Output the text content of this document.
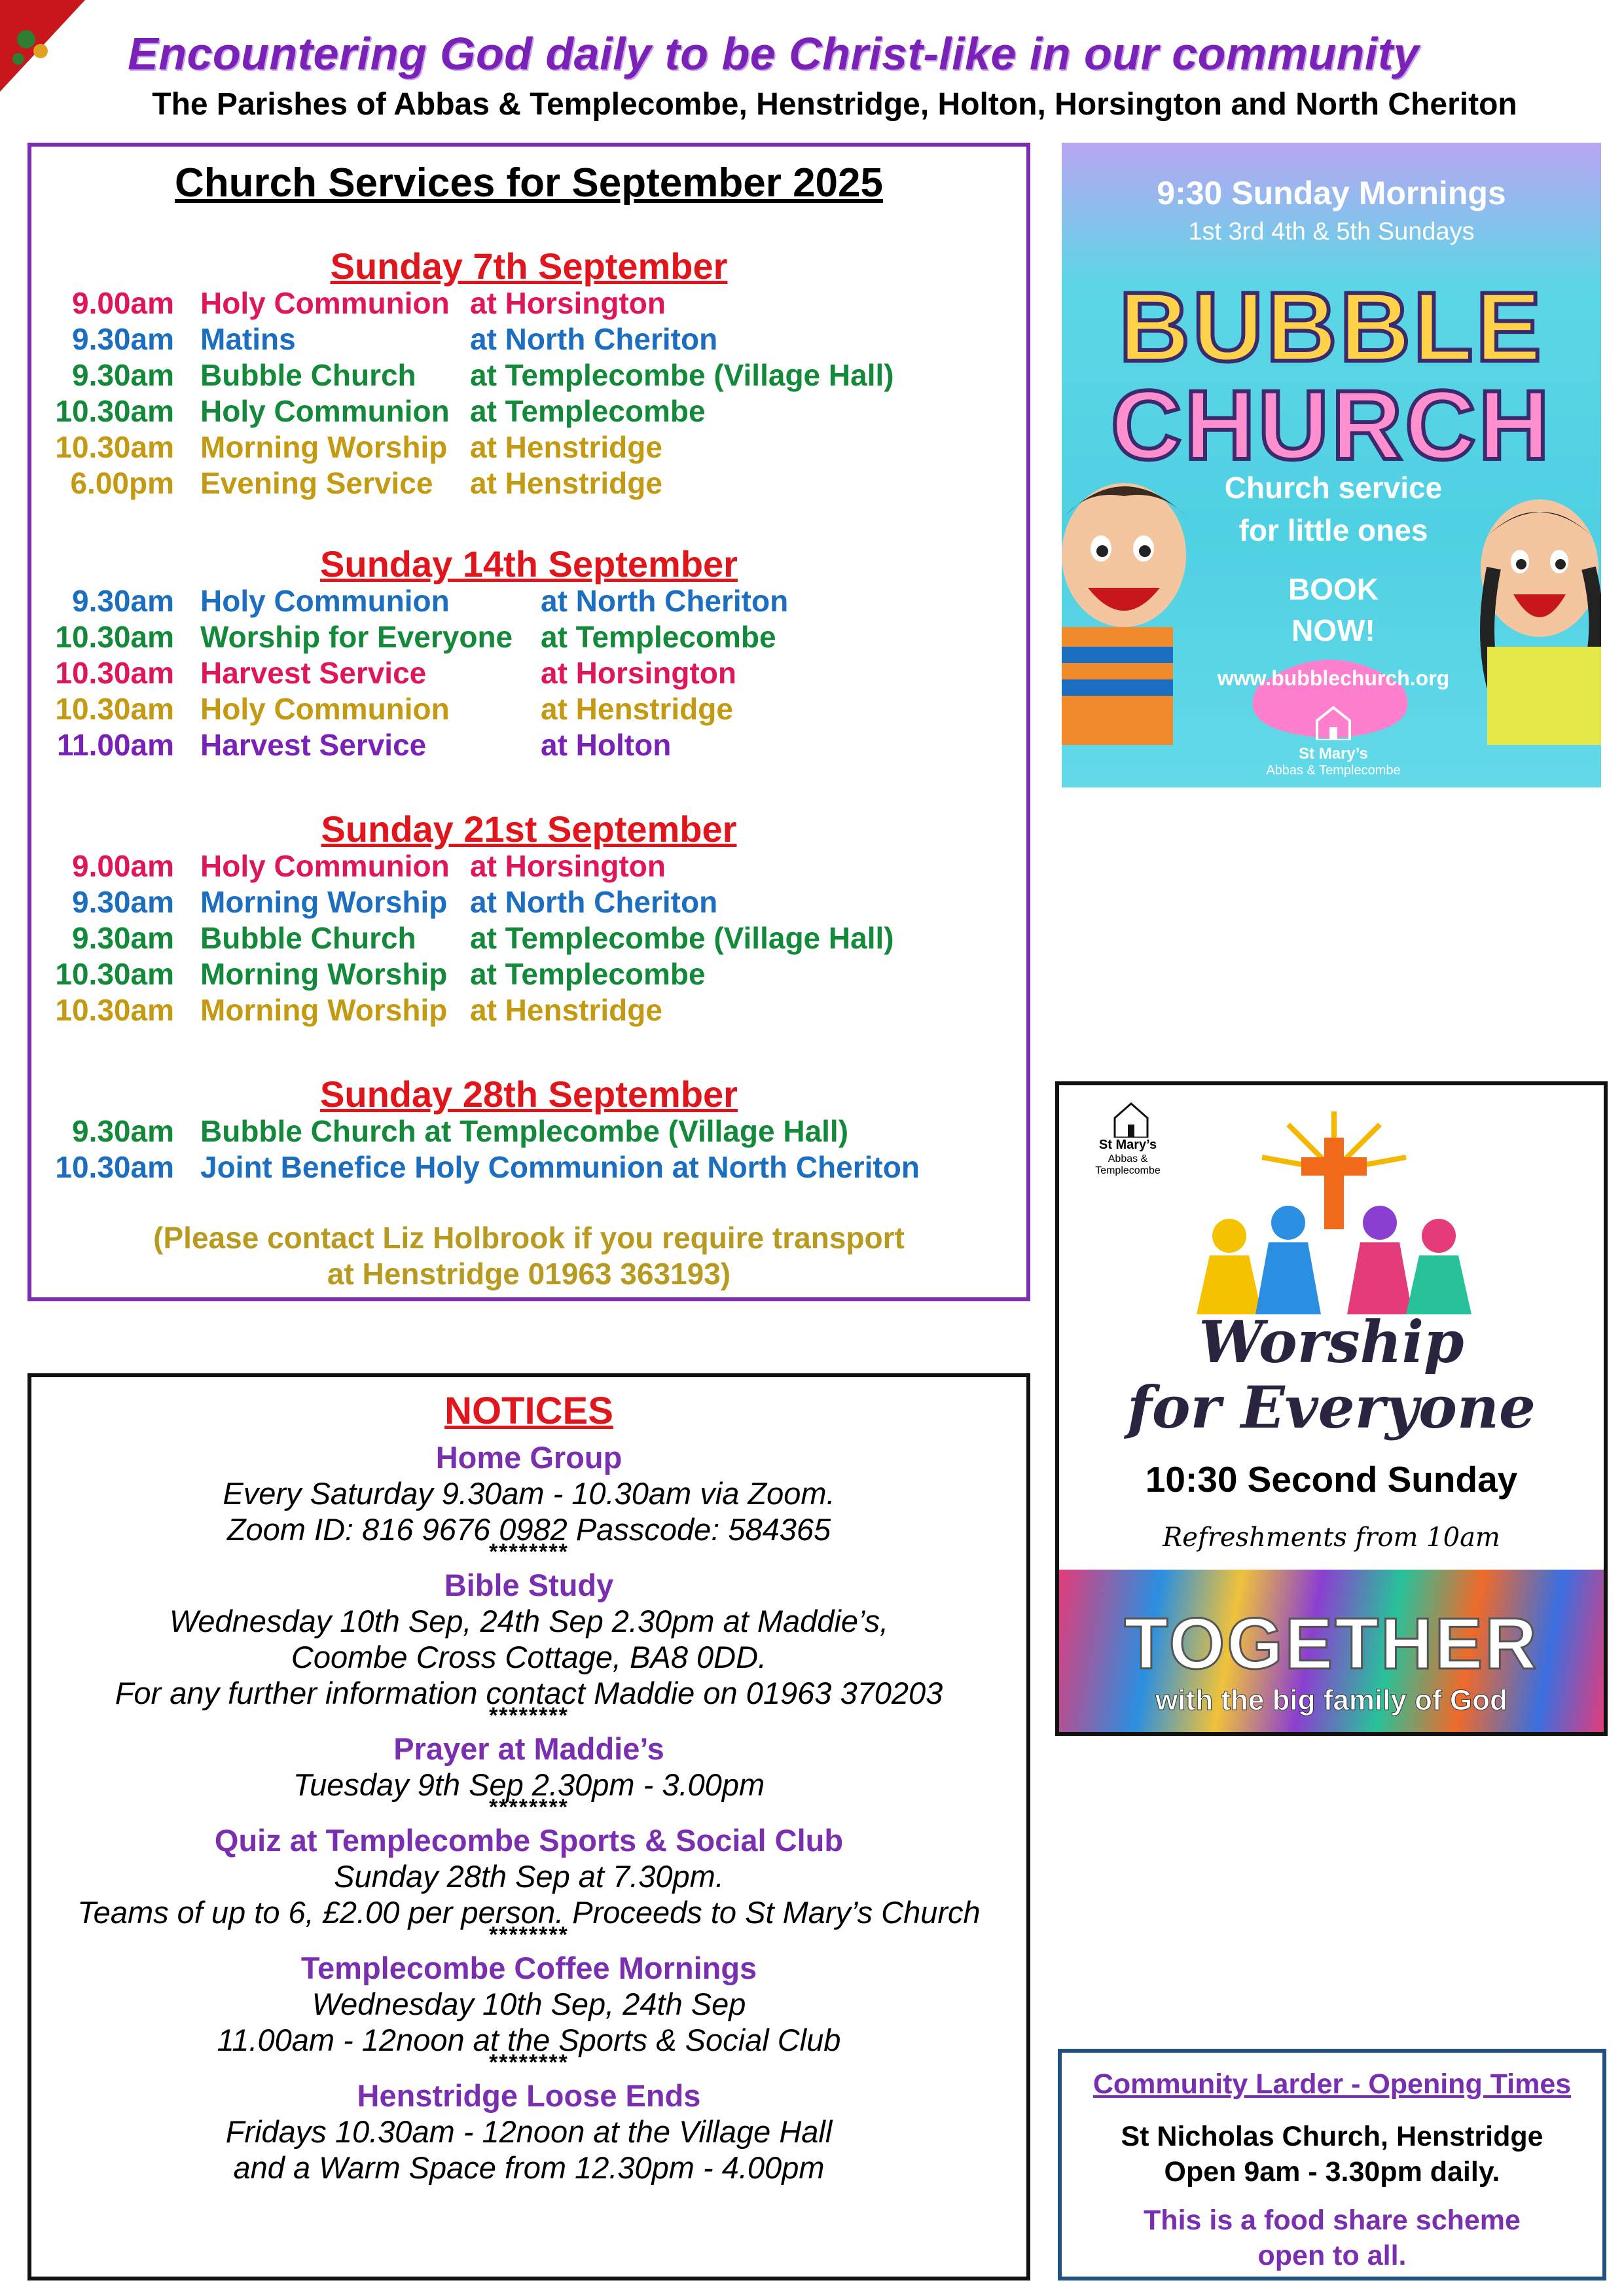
Encountering God daily to be Christ-like in our community
The Parishes of Abbas & Templecombe, Henstridge, Holton, Horsington and North Cheriton
Church Services for September 2025
(Please contact Liz Holbrook if you require transport
at Henstridge 01963 363193)
Sunday 7th September
9.00am Holy Communion at Horsington
9.30am Matins	at North Cheriton
9.30am Bubble Church at Templecombe (Village Hall)
10.30am Holy Communion at Templecombe
10.30am Morning Worship at Henstridge
6.00pm Evening Service at Henstridge
Sunday 14th September
9.30am Holy Communion	at North Cheriton
10.30am Worship for Everyone at Templecombe
10.30am Harvest Service	at Horsington
10.30am Holy Communion	at Henstridge
11.00am Harvest Service	at Holton
Sunday 21st September
9.00am Holy Communion at Horsington
9.30am Morning Worship at North Cheriton
9.30am Bubble Church at Templecombe (Village Hall)
10.30am Morning Worship at Templecombe
10.30am Morning Worship at Henstridge
Sunday 28th September
9.30am Bubble Church at Templecombe (Village Hall)
10.30am Joint Benefice Holy Communion at North Cheriton
9:30 Sunday Mornings
1st 3rd 4th & 5th Sundays
BUBBLE
CHURCH
Church service
for little ones
BOOK
NOW!
www.bubblechurch.org
St Mary’s
Abbas & Templecombe
St Mary’s
Abbas & Templecombe
Worship
for Everyone
10:30 Second Sunday
Refreshments from 10am
TOGETHER
with the big family of God
NOTICES
Home Group
Every Saturday 9.30am - 10.30am via Zoom.
Zoom ID: 816 9676 0982 Passcode: 584365
********
Bible Study
Wednesday 10th Sep, 24th Sep 2.30pm at Maddie’s,
Coombe Cross Cottage, BA8 0DD.
For any further information contact Maddie on 01963 370203
********
Prayer at Maddie’s
Tuesday 9th Sep 2.30pm - 3.00pm
********
Quiz at Templecombe Sports & Social Club
Sunday 28th Sep at 7.30pm.
Teams of up to 6, £2.00 per person. Proceeds to St Mary’s Church
********
Templecombe Coffee Mornings
Wednesday 10th Sep, 24th Sep
11.00am - 12noon at the Sports & Social Club
********
Henstridge Loose Ends
Fridays 10.30am - 12noon at the Village Hall
and a Warm Space from 12.30pm - 4.00pm
Community Larder - Opening Times
St Nicholas Church, Henstridge
Open 9am - 3.30pm daily.
This is a food share scheme
open to all.
